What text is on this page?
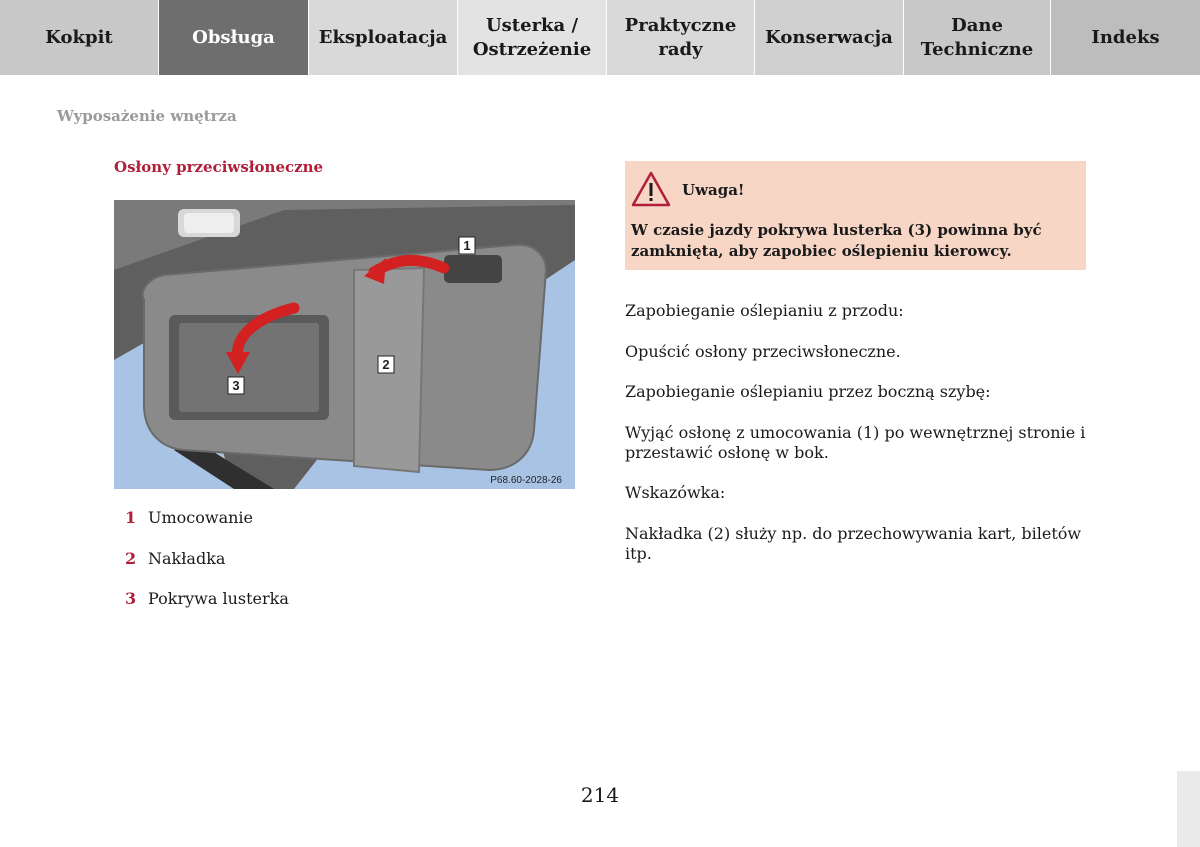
Kokpit	Obsługa	Eksploatacja
Usterka /
Ostrzeżenie
Praktyczne
rady
Konserwacja
Dane
Techniczne
Indeks
Wyposażenie wnętrza
Osłony przeciwsłoneczne
1
2
3
P68.60-2028-26
1 Umocowanie
2 Nakładka
3 Pokrywa lusterka
Uwaga!
W czasie jazdy pokrywa lusterka (3) powinna być zamknięta, aby zapobiec oślepieniu kierowcy.

Zapobieganie oślepianiu z przodu:

Opuścić osłony przeciwsłoneczne.

Zapobieganie oślepianiu przez boczną szybę:

Wyjąć osłonę z umocowania (1) po wewnętrznej stronie i przestawić osłonę w bok.

Wskazówka:

Nakładka (2) służy np. do przechowywania kart, biletów itp.

214
